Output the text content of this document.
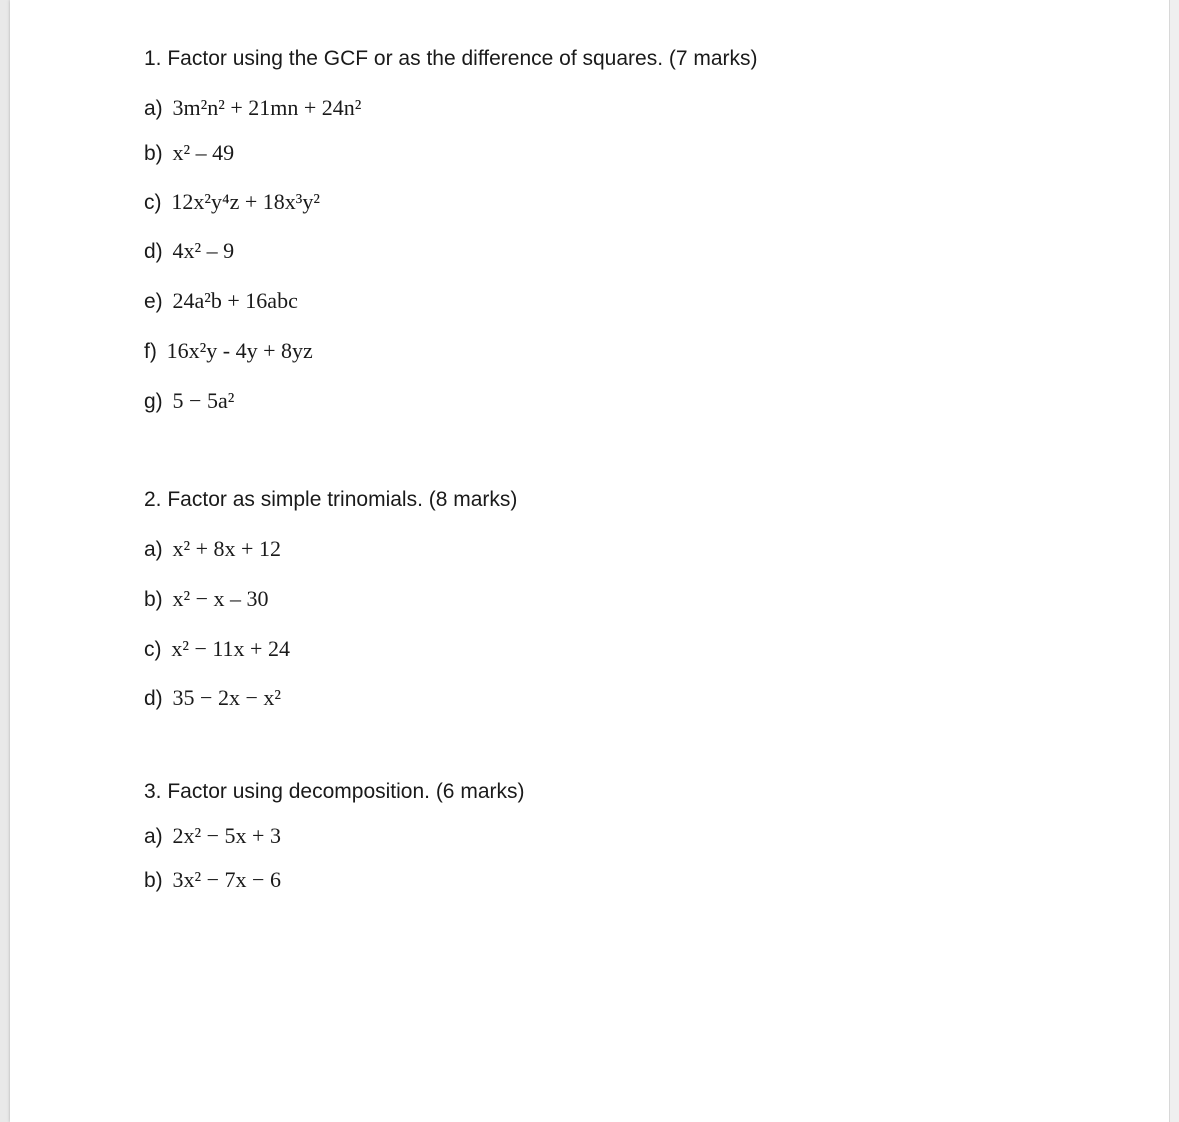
1. Factor using the GCF or as the difference of squares. (7 marks)
a) 3m²n² + 21mn + 24n²
b) x² – 49
c) 12x²y⁴z + 18x³y²
d) 4x² – 9
e) 24a²b + 16abc
f) 16x²y - 4y + 8yz
g) 5 − 5a²
2. Factor as simple trinomials. (8 marks)
a) x² + 8x + 12
b) x² − x – 30
c) x² − 11x + 24
d) 35 − 2x − x²
3. Factor using decomposition. (6 marks)
a) 2x² − 5x + 3
b) 3x² − 7x − 6
